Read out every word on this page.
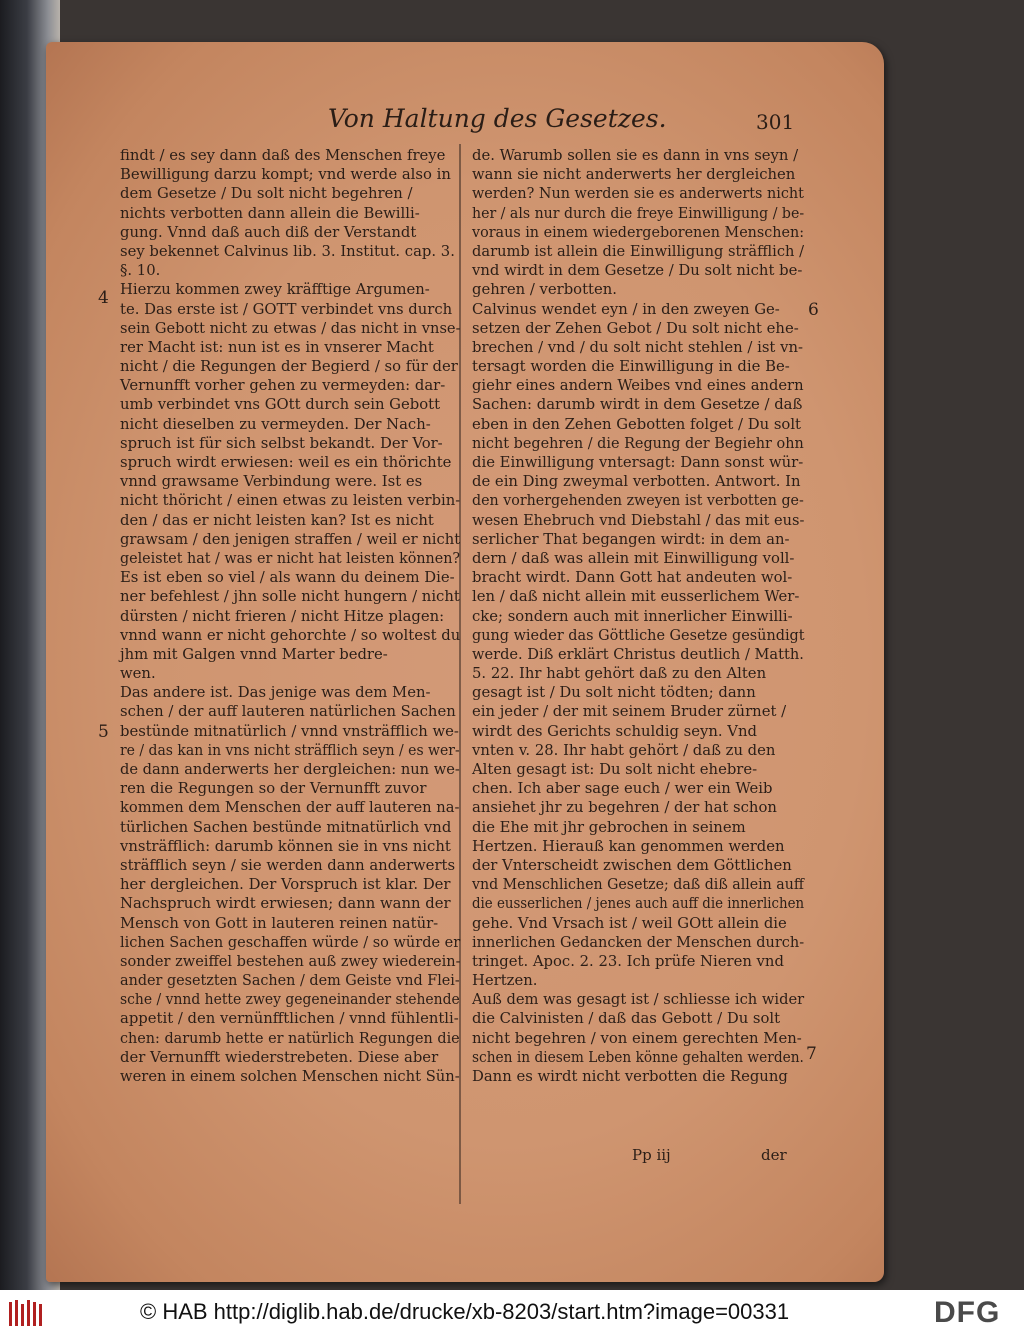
Von Haltung des Gesetzes.	301
findt / es sey dann daß des Menschen freye
Bewilligung darzu kompt; vnd werde also in
dem Gesetze / Du solt nicht begehren /
nichts verbotten dann allein die Bewilli-
gung. Vnnd daß auch diß der Verstandt
sey bekennet Calvinus lib. 3. Institut. cap. 3.
§. 10.
Hierzu kommen zwey kräfftige Argumen-
te. Das erste ist / GOTT verbindet vns durch
sein Gebott nicht zu etwas / das nicht in vnse-
rer Macht ist: nun ist es in vnserer Macht
nicht / die Regungen der Begierd / so für der
Vernunfft vorher gehen zu vermeyden: dar-
umb verbindet vns GOtt durch sein Gebott
nicht dieselben zu vermeyden. Der Nach-
spruch ist für sich selbst bekandt. Der Vor-
spruch wirdt erwiesen: weil es ein thörichte
vnnd grawsame Verbindung were. Ist es
nicht thöricht / einen etwas zu leisten verbin-
den / das er nicht leisten kan? Ist es nicht
grawsam / den jenigen straffen / weil er nicht
geleistet hat / was er nicht hat leisten können?
Es ist eben so viel / als wann du deinem Die-
ner befehlest / jhn solle nicht hungern / nicht
dürsten / nicht frieren / nicht Hitze plagen:
vnnd wann er nicht gehorchte / so woltest du
jhm mit Galgen vnnd Marter bedre-
wen.
Das andere ist. Das jenige was dem Men-
schen / der auff lauteren natürlichen Sachen
bestünde mitnatürlich / vnnd vnsträfflich we-
re / das kan in vns nicht sträfflich seyn / es wer-
de dann anderwerts her dergleichen: nun we-
ren die Regungen so der Vernunfft zuvor
kommen dem Menschen der auff lauteren na-
türlichen Sachen bestünde mitnatürlich vnd
vnsträfflich: darumb können sie in vns nicht
sträfflich seyn / sie werden dann anderwerts
her dergleichen. Der Vorspruch ist klar. Der
Nachspruch wirdt erwiesen; dann wann der
Mensch von Gott in lauteren reinen natür-
lichen Sachen geschaffen würde / so würde er
sonder zweiffel bestehen auß zwey wiederein-
ander gesetzten Sachen / dem Geiste vnd Flei-
sche / vnnd hette zwey gegeneinander stehende
appetit / den vernünfftlichen / vnnd fühlentli-
chen: darumb hette er natürlich Regungen die
der Vernunfft wiederstrebeten. Diese aber
weren in einem solchen Menschen nicht Sün-
de. Warumb sollen sie es dann in vns seyn /
wann sie nicht anderwerts her dergleichen
werden? Nun werden sie es anderwerts nicht
her / als nur durch die freye Einwilligung / be-
voraus in einem wiedergeborenen Menschen:
darumb ist allein die Einwilligung sträfflich /
vnd wirdt in dem Gesetze / Du solt nicht be-
gehren / verbotten.
Calvinus wendet eyn / in den zweyen Ge-
setzen der Zehen Gebot / Du solt nicht ehe-
brechen / vnd / du solt nicht stehlen / ist vn-
tersagt worden die Einwilligung in die Be-
giehr eines andern Weibes vnd eines andern
Sachen: darumb wirdt in dem Gesetze / daß
eben in den Zehen Gebotten folget / Du solt
nicht begehren / die Regung der Begiehr ohn
die Einwilligung vntersagt: Dann sonst wür-
de ein Ding zweymal verbotten. Antwort. In
den vorhergehenden zweyen ist verbotten ge-
wesen Ehebruch vnd Diebstahl / das mit eus-
serlicher That begangen wirdt: in dem an-
dern / daß was allein mit Einwilligung voll-
bracht wirdt. Dann Gott hat andeuten wol-
len / daß nicht allein mit eusserlichem Wer-
cke; sondern auch mit innerlicher Einwilli-
gung wieder das Göttliche Gesetze gesündigt
werde. Diß erklärt Christus deutlich / Matth.
5. 22. Ihr habt gehört daß zu den Alten
gesagt ist / Du solt nicht tödten; dann
ein jeder / der mit seinem Bruder zürnet /
wirdt des Gerichts schuldig seyn. Vnd
vnten v. 28. Ihr habt gehört / daß zu den
Alten gesagt ist: Du solt nicht ehebre-
chen. Ich aber sage euch / wer ein Weib
ansiehet jhr zu begehren / der hat schon
die Ehe mit jhr gebrochen in seinem
Hertzen. Hierauß kan genommen werden
der Vnterscheidt zwischen dem Göttlichen
vnd Menschlichen Gesetze; daß diß allein auff
die eusserlichen / jenes auch auff die innerlichen
gehe. Vnd Vrsach ist / weil GOtt allein die
innerlichen Gedancken der Menschen durch-
tringet. Apoc. 2. 23. Ich prüfe Nieren vnd
Hertzen.
Auß dem was gesagt ist / schliesse ich wider
die Calvinisten / daß das Gebott / Du solt
nicht begehren / von einem gerechten Men-
schen in diesem Leben könne gehalten werden.
Dann es wirdt nicht verbotten die Regung
4
5
6
7
Pp iij	der
© HAB http://diglib.hab.de/drucke/xb-8203/start.htm?image=00331	DFG
